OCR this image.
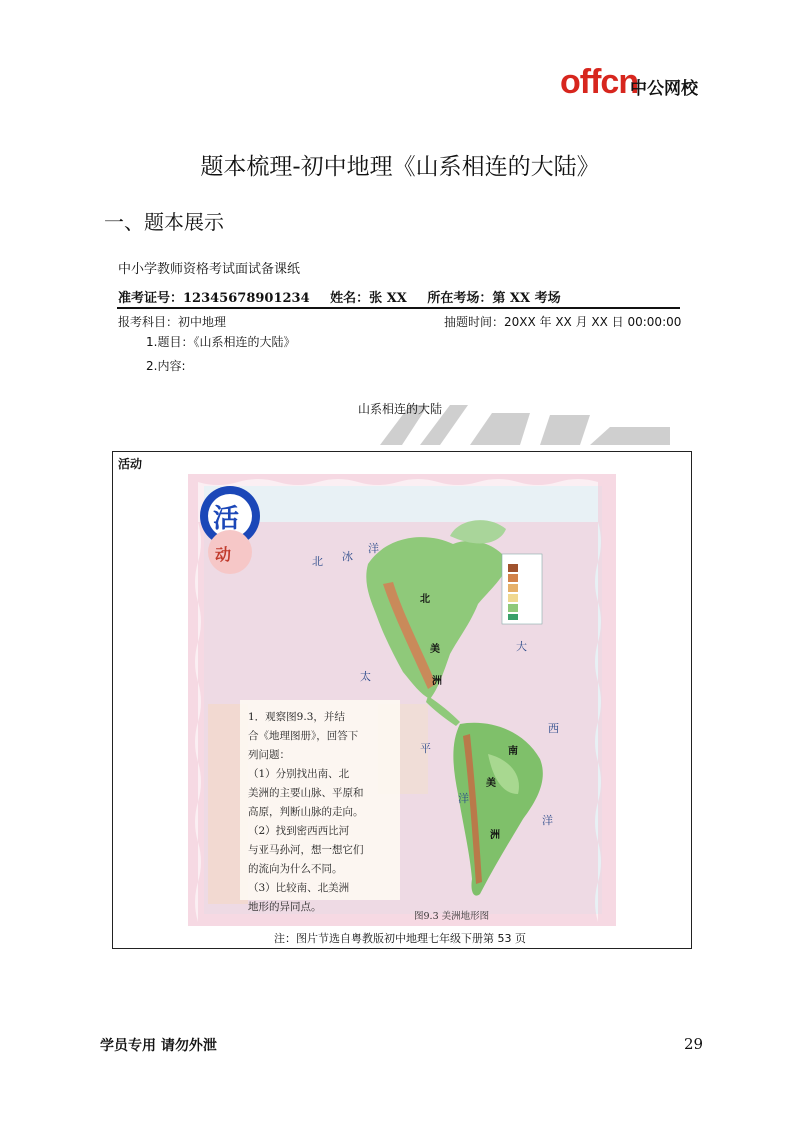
offcn
中公网校
题本梳理-初中地理《山系相连的大陆》
一、题本展示
中小学教师资格考试面试备课纸
准考证号：12345678901234 姓名：张 XX 所在考场：第 XX 考场
报考科目：初中地理	抽题时间：20XX 年 XX 月 XX 日 00:00:00
1.题目：《山系相连的大陆》
2.内容:
山系相连的大陆
活动
活
动	北 冰
洋
北
美
洲
大
太
平
洋
西
洋
南
美
洲
1．观察图9.3，并结
合《地理图册》，回答下
列问题：
（1）分别找出南、北
美洲的主要山脉、平原和
高原，判断山脉的走向。
（2）找到密西西比河
与亚马孙河，想一想它们
的流向为什么不同。
（3）比较南、北美洲
地形的异同点。
图9.3 美洲地形图
注：图片节选自粤教版初中地理七年级下册第 53 页
学员专用 请勿外泄	29
